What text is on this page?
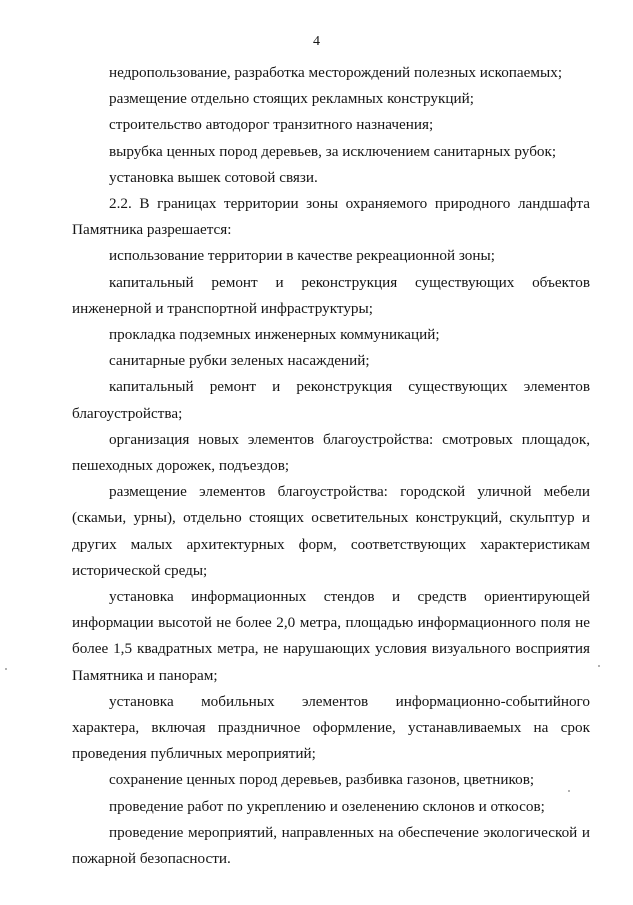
4

недропользование, разработка месторождений полезных ископаемых;

размещение отдельно стоящих рекламных конструкций;

строительство автодорог транзитного назначения;

вырубка ценных пород деревьев, за исключением санитарных рубок;

установка вышек сотовой связи.

2.2. В границах территории зоны охраняемого природного ландшафта Памятника разрешается:

использование территории в качестве рекреационной зоны;

капитальный ремонт и реконструкция существующих объектов инженерной и транспортной инфраструктуры;

прокладка подземных инженерных коммуникаций;

санитарные рубки зеленых насаждений;

капитальный ремонт и реконструкция существующих элементов благоустройства;

организация новых элементов благоустройства: смотровых площадок, пешеходных дорожек, подъездов;

размещение элементов благоустройства: городской уличной мебели (скамьи, урны), отдельно стоящих осветительных конструкций, скульптур и других малых архитектурных форм, соответствующих характеристикам исторической среды;

установка информационных стендов и средств ориентирующей информации высотой не более 2,0 метра, площадью информационного поля не более 1,5 квадратных метра, не нарушающих условия визуального восприятия Памятника и панорам;

установка мобильных элементов информационно-событийного характера, включая праздничное оформление, устанавливаемых на срок проведения публичных мероприятий;

сохранение ценных пород деревьев, разбивка газонов, цветников;

проведение работ по укреплению и озеленению склонов и откосов;

проведение мероприятий, направленных на обеспечение экологической и пожарной безопасности.
